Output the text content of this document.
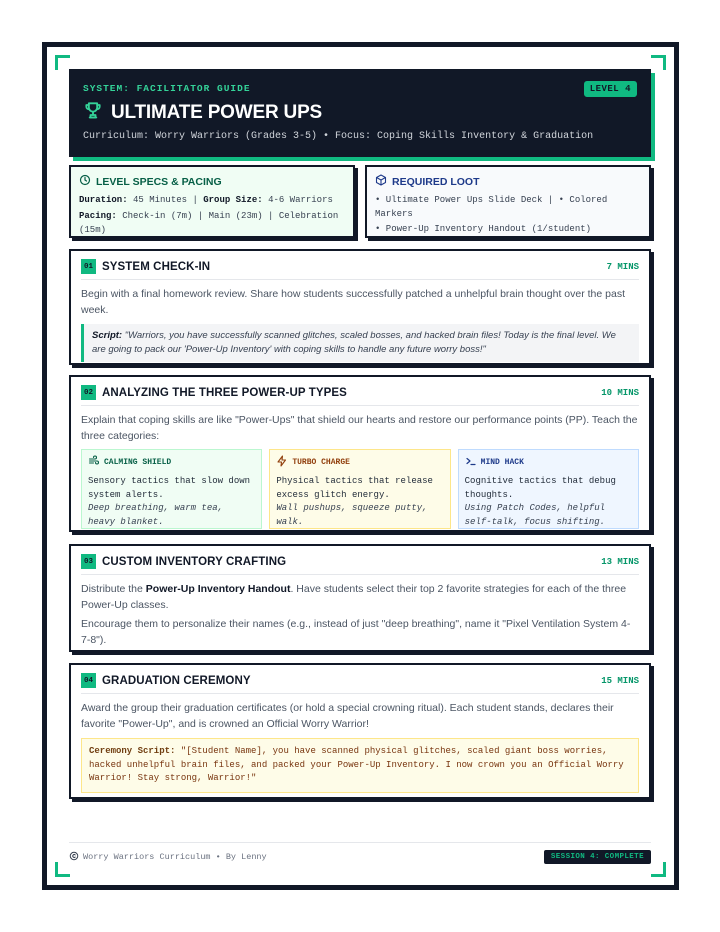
SYSTEM: FACILITATOR GUIDE	LEVEL 4
ULTIMATE POWER UPS
Curriculum: Worry Warriors (Grades 3-5) • Focus: Coping Skills Inventory & Graduation
LEVEL SPECS & PACING
Duration: 45 Minutes | Group Size: 4-6 Warriors
Pacing: Check-in (7m) | Main (23m) | Celebration (15m)
REQUIRED LOOT
• Ultimate Power Ups Slide Deck | • Colored Markers
• Power-Up Inventory Handout (1/student)
01 SYSTEM CHECK-IN	7 MINS
Begin with a final homework review. Share how students successfully patched a unhelpful brain thought over the past week.
Script: "Warriors, you have successfully scanned glitches, scaled bosses, and hacked brain files! Today is the final level. We are going to pack our 'Power-Up Inventory' with coping skills to handle any future worry boss!"
02 ANALYZING THE THREE POWER-UP TYPES	10 MINS
Explain that coping skills are like "Power-Ups" that shield our hearts and restore our performance points (PP). Teach the three categories:
CALMING SHIELD
Sensory tactics that slow down system alerts.
Deep breathing, warm tea, heavy blanket.
TURBO CHARGE
Physical tactics that release excess glitch energy.
Wall pushups, squeeze putty, walk.
MIND HACK
Cognitive tactics that debug thoughts.
Using Patch Codes, helpful self-talk, focus shifting.
03 CUSTOM INVENTORY CRAFTING	13 MINS
Distribute the Power-Up Inventory Handout. Have students select their top 2 favorite strategies for each of the three Power-Up classes.
Encourage them to personalize their names (e.g., instead of just "deep breathing", name it "Pixel Ventilation System 4-7-8").
04 GRADUATION CEREMONY	15 MINS
Award the group their graduation certificates (or hold a special crowning ritual). Each student stands, declares their favorite "Power-Up", and is crowned an Official Worry Warrior!
Ceremony Script: "[Student Name], you have scanned physical glitches, scaled giant boss worries, hacked unhelpful brain files, and packed your Power-Up Inventory. I now crown you an Official Worry Warrior! Stay strong, Warrior!"
Worry Warriors Curriculum • By Lenny	SESSION 4: COMPLETE
